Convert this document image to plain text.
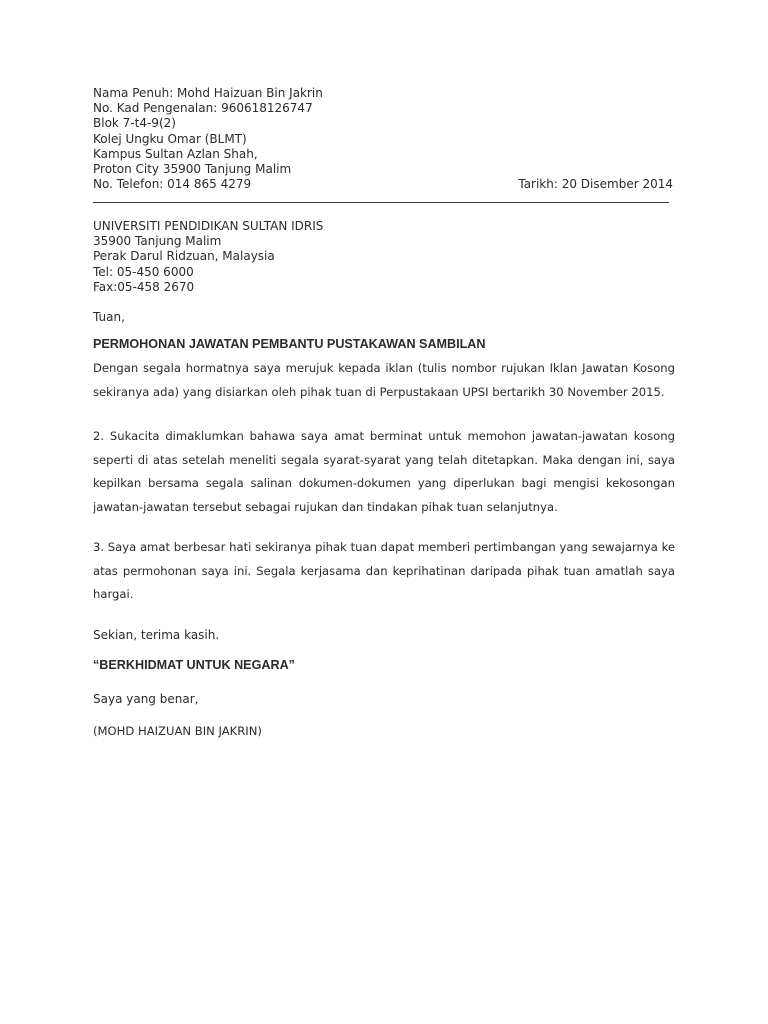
Nama Penuh: Mohd Haizuan Bin Jakrin
No. Kad Pengenalan: 960618126747
Blok 7-t4-9(2)
Kolej Ungku Omar (BLMT)
Kampus Sultan Azlan Shah,
Proton City 35900 Tanjung Malim
No. Telefon: 014 865 4279	Tarikh: 20 Disember 2014
UNIVERSITI PENDIDIKAN SULTAN IDRIS
35900 Tanjung Malim
Perak Darul Ridzuan, Malaysia
Tel: 05-450 6000
Fax:05-458 2670
Tuan,
PERMOHONAN JAWATAN PEMBANTU PUSTAKAWAN SAMBILAN
Dengan segala hormatnya saya merujuk kepada iklan (tulis nombor rujukan Iklan Jawatan Kosong sekiranya ada) yang disiarkan oleh pihak tuan di Perpustakaan UPSI bertarikh 30 November 2015.
2. Sukacita dimaklumkan bahawa saya amat berminat untuk memohon jawatan-jawatan kosong seperti di atas setelah meneliti segala syarat-syarat yang telah ditetapkan. Maka dengan ini, saya kepilkan bersama segala salinan dokumen-dokumen yang diperlukan bagi mengisi kekosongan jawatan-jawatan tersebut sebagai rujukan dan tindakan pihak tuan selanjutnya.
3. Saya amat berbesar hati sekiranya pihak tuan dapat memberi pertimbangan yang sewajarnya ke atas permohonan saya ini. Segala kerjasama dan keprihatinan daripada pihak tuan amatlah saya hargai.
Sekian, terima kasih.
“BERKHIDMAT UNTUK NEGARA”
Saya yang benar,
(MOHD HAIZUAN BIN JAKRIN)
